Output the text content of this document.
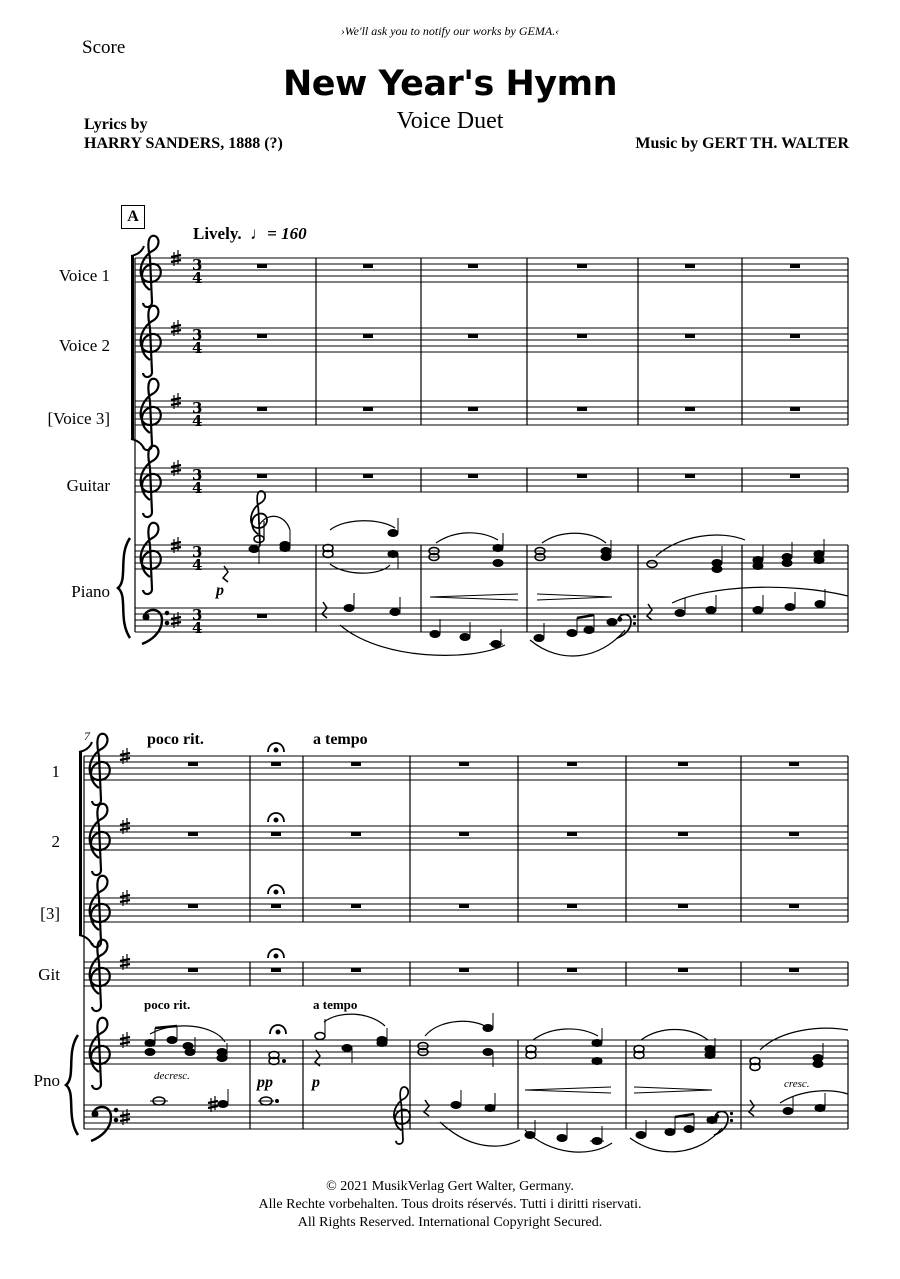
›We'll ask you to notify our works by GEMA.‹
Score
New Year's Hymn
Voice Duet
Lyrics by
HARRY SANDERS, 1888 (?)	Music by GERT TH. WALTER
A
Lively.  ♩= 160
Voice 1
Voice 2
[Voice 3]
Guitar
Piano	p
7	poco rit.	a tempo
1
2
[3]
Git
Pno
poco rit.	a tempo
decresc.
cresc.
pp p
© 2021 MusikVerlag Gert Walter, Germany.
Alle Rechte vorbehalten. Tous droits réservés. Tutti i diritti riservati.
All Rights Reserved. International Copyright Secured.
3
4
3
4
3
4
3
4
3
4
3
4
